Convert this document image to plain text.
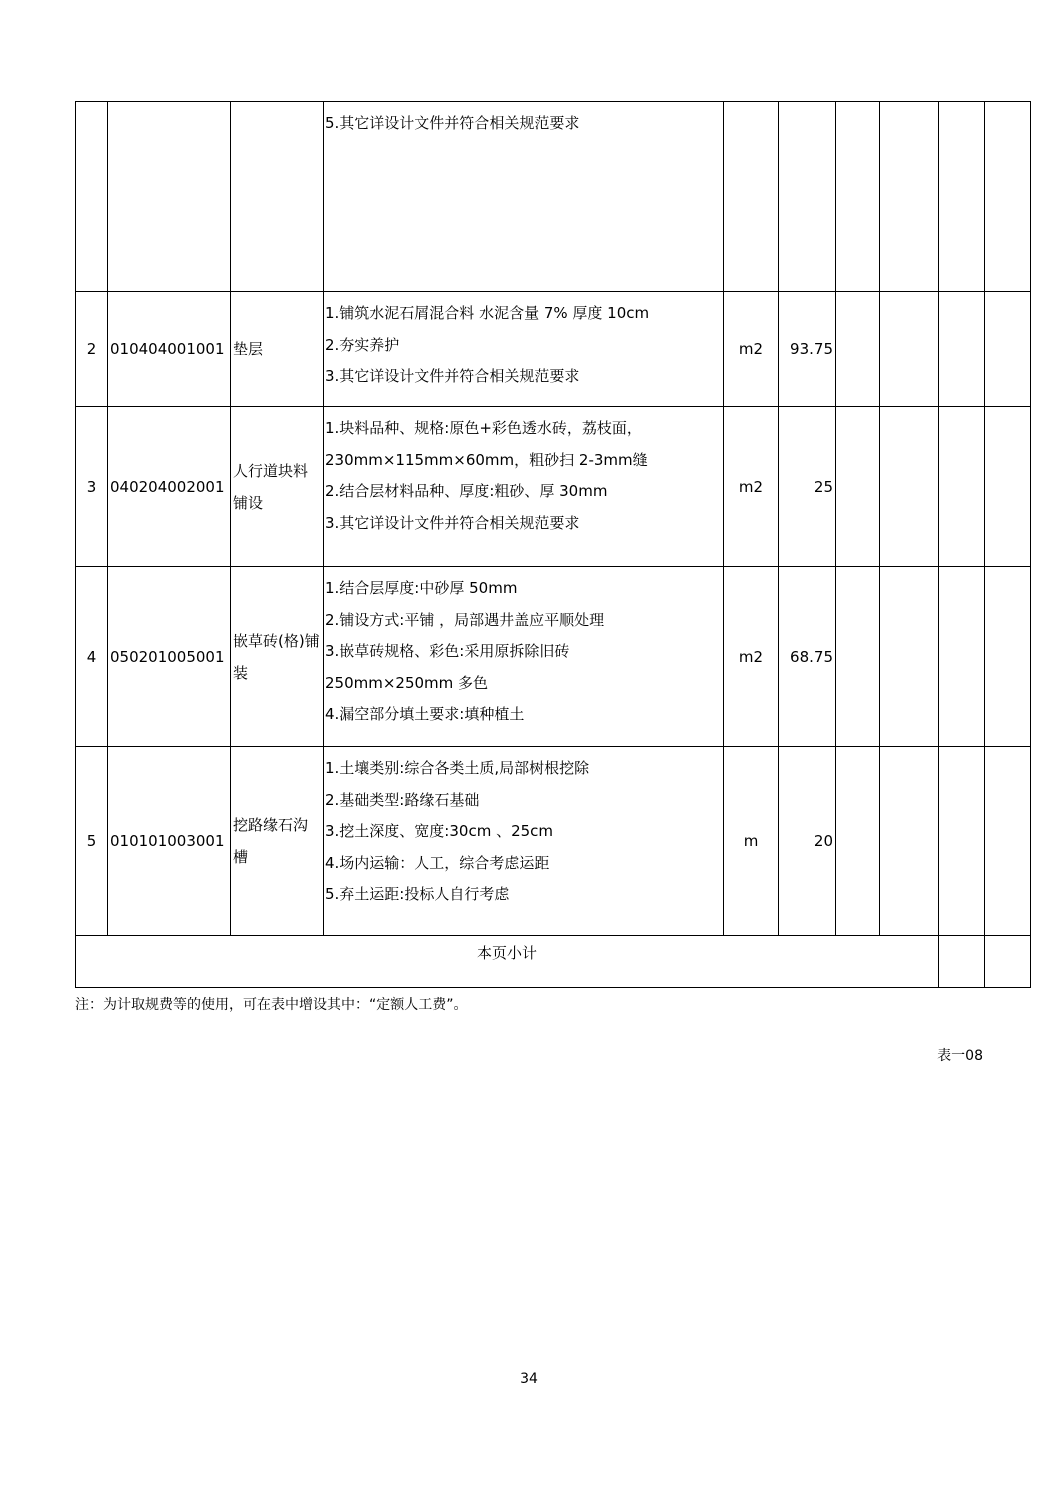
			5.其它详设计文件并符合相关规范要求						

2	010404001001	垫层	1.铺筑水泥石屑混合料 水泥含量 7% 厚度 10cm
2.夯实养护
3.其它详设计文件并符合相关规范要求	m2	93.75				
3	040204002001	人行道块料铺设	1.块料品种、规格:原色+彩色透水砖，荔枝面，
230mm×115mm×60mm，粗砂扫 2-3mm缝
2.结合层材料品种、厚度:粗砂、厚 30mm
3.其它详设计文件并符合相关规范要求	m2	25				
4	050201005001	嵌草砖(格)铺装	1.结合层厚度:中砂厚 50mm
2.铺设方式:平铺 ，局部遇井盖应平顺处理
3.嵌草砖规格、彩色:采用原拆除旧砖
250mm×250mm 多色
4.漏空部分填土要求:填种植土	m2	68.75				
5	010101003001	挖路缘石沟槽	1.土壤类别:综合各类土质,局部树根挖除
2.基础类型:路缘石基础
3.挖土深度、宽度:30cm 、25cm
4.场内运输：人工，综合考虑运距
5.弃土运距:投标人自行考虑	m	20				
本页小计									
注：为计取规费等的使用，可在表中增设其中：“定额人工费”。
表一08
34
